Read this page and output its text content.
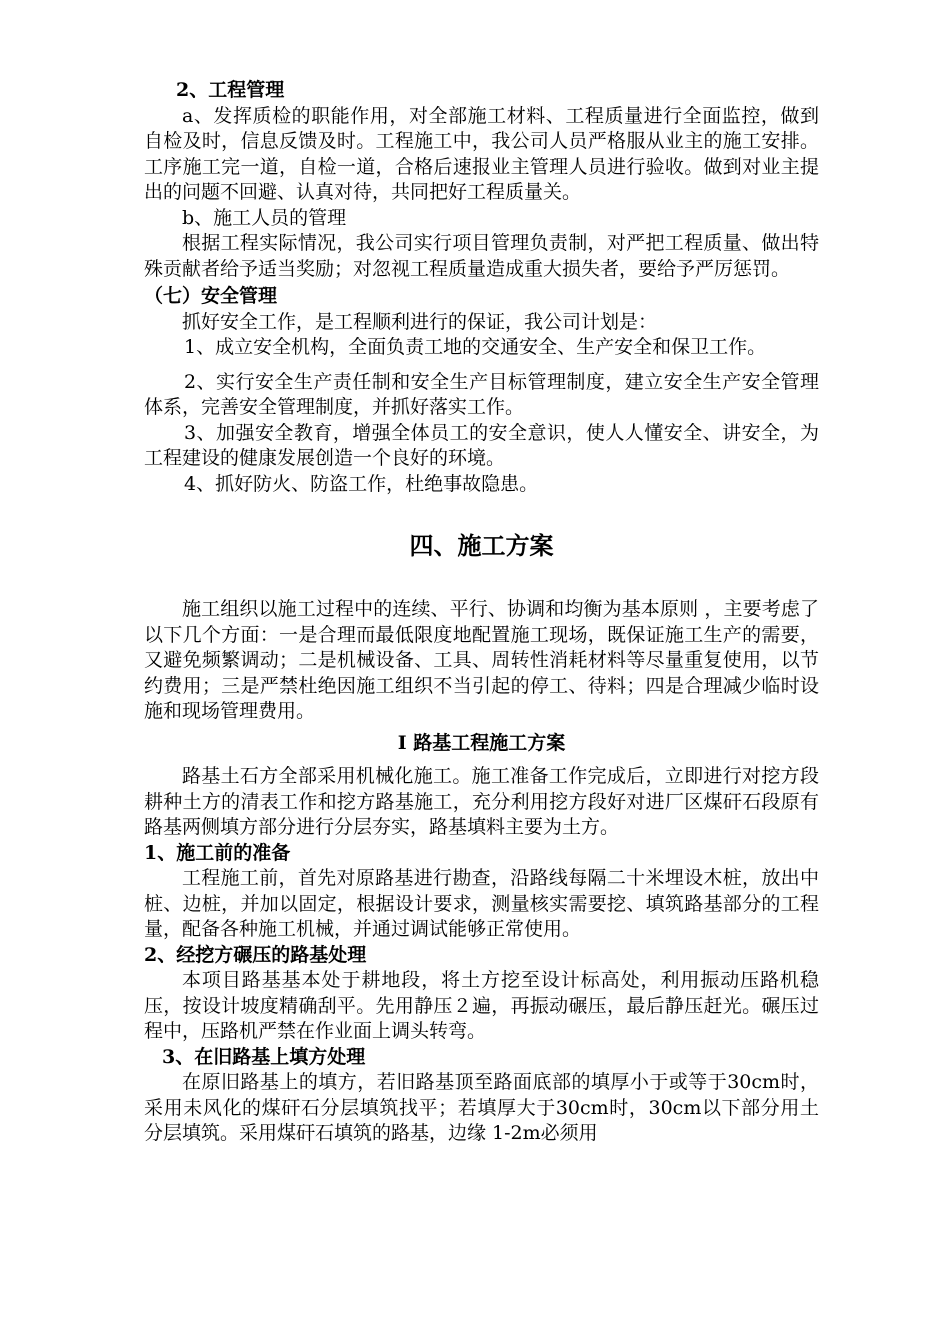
2、工程管理

a、发挥质检的职能作用，对全部施工材料、工程质量进行全面监控，做到自检及时，信息反馈及时。工程施工中，我公司人员严格服从业主的施工安排。工序施工完一道，自检一道，合格后速报业主管理人员进行验收。做到对业主提出的问题不回避、认真对待，共同把好工程质量关。

b、施工人员的管理

根据工程实际情况，我公司实行项目管理负责制，对严把工程质量、做出特殊贡献者给予适当奖励；对忽视工程质量造成重大损失者，要给予严厉惩罚。

（七）安全管理

抓好安全工作，是工程顺利进行的保证，我公司计划是：

1、成立安全机构，全面负责工地的交通安全、生产安全和保卫工作。

2、实行安全生产责任制和安全生产目标管理制度，建立安全生产安全管理体系，完善安全管理制度，并抓好落实工作。

3、加强安全教育，增强全体员工的安全意识，使人人懂安全、讲安全，为工程建设的健康发展创造一个良好的环境。

4、抓好防火、防盗工作，杜绝事故隐患。

四、施工方案

施工组织以施工过程中的连续、平行、协调和均衡为基本原则 ，主要考虑了以下几个方面：一是合理而最低限度地配置施工现场，既保证施工生产的需要，又避免频繁调动；二是机械设备、工具、周转性消耗材料等尽量重复使用，以节约费用；三是严禁杜绝因施工组织不当引起的停工、待料；四是合理减少临时设施和现场管理费用。

Ⅰ 路基工程施工方案

路基土石方全部采用机械化施工。施工准备工作完成后，立即进行对挖方段耕种土方的清表工作和挖方路基施工，充分利用挖方段好对进厂区煤矸石段原有路基两侧填方部分进行分层夯实，路基填料主要为土方。

1、施工前的准备

工程施工前，首先对原路基进行勘查，沿路线每隔二十米埋设木桩，放出中桩、边桩，并加以固定，根据设计要求，测量核实需要挖、填筑路基部分的工程量，配备各种施工机械，并通过调试能够正常使用。

2、经挖方碾压的路基处理

本项目路基基本处于耕地段，将土方挖至设计标高处，利用振动压路机稳压，按设计坡度精确刮平。先用静压２遍，再振动碾压，最后静压赶光。碾压过程中，压路机严禁在作业面上调头转弯。

3、在旧路基上填方处理

在原旧路基上的填方，若旧路基顶至路面底部的填厚小于或等于30cm时，采用未风化的煤矸石分层填筑找平；若填厚大于30cm时，30cm以下部分用土分层填筑。采用煤矸石填筑的路基，边缘 1-2m必须用
